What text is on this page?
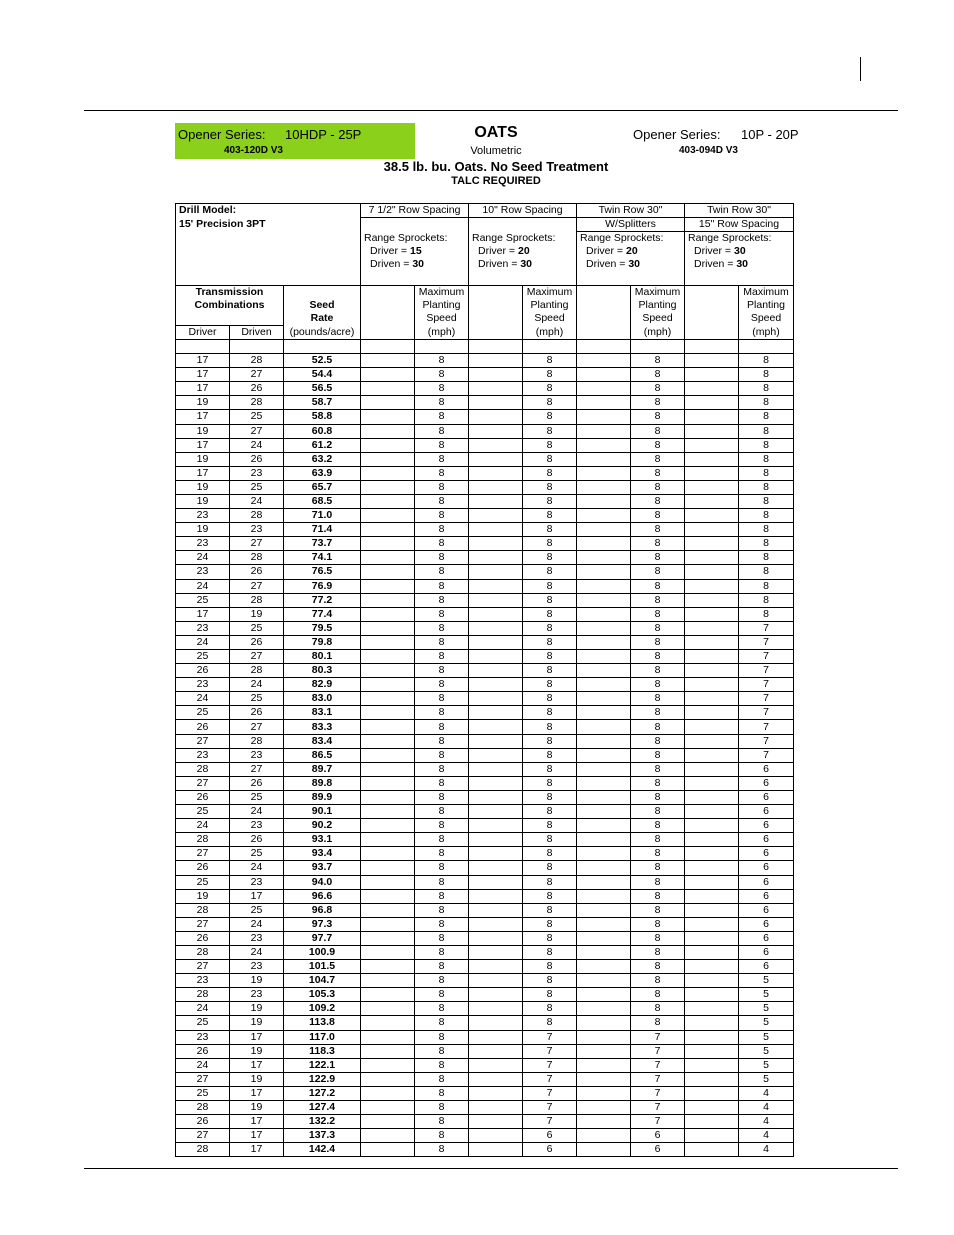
Opener Series: 10HDP - 25P
403-120D V3
OATS
Volumetric
38.5 lb. bu. Oats. No Seed Treatment
TALC REQUIRED
Opener Series: 10P - 20P
403-094D V3
Drill Model:			7 1/2" Row Spacing		10" Row Spacing		Twin Row 30"		Twin Row 30"	
15' Precision 3PT							W/Splitters		15" Row Spacing	
			Range Sprockets:		Range Sprockets:		Range Sprockets:		Range Sprockets:	
			Driver = 15		Driver = 20		Driver = 20		Driver = 30	
			Driven = 30		Driven = 30		Driven = 30		Driven = 30	

Transmission				Maximum		Maximum		Maximum		Maximum
Combinations		Seed		Planting		Planting		Planting		Planting
		Rate		Speed		Speed		Speed		Speed
Driver	Driven	(pounds/acre)		(mph)		(mph)		(mph)		(mph)

17	28	52.5		8		8		8		8
17	27	54.4		8		8		8		8
17	26	56.5		8		8		8		8
19	28	58.7		8		8		8		8
17	25	58.8		8		8		8		8
19	27	60.8		8		8		8		8
17	24	61.2		8		8		8		8
19	26	63.2		8		8		8		8
17	23	63.9		8		8		8		8
19	25	65.7		8		8		8		8
19	24	68.5		8		8		8		8
23	28	71.0		8		8		8		8
19	23	71.4		8		8		8		8
23	27	73.7		8		8		8		8
24	28	74.1		8		8		8		8
23	26	76.5		8		8		8		8
24	27	76.9		8		8		8		8
25	28	77.2		8		8		8		8
17	19	77.4		8		8		8		8
23	25	79.5		8		8		8		7
24	26	79.8		8		8		8		7
25	27	80.1		8		8		8		7
26	28	80.3		8		8		8		7
23	24	82.9		8		8		8		7
24	25	83.0		8		8		8		7
25	26	83.1		8		8		8		7
26	27	83.3		8		8		8		7
27	28	83.4		8		8		8		7
23	23	86.5		8		8		8		7
28	27	89.7		8		8		8		6
27	26	89.8		8		8		8		6
26	25	89.9		8		8		8		6
25	24	90.1		8		8		8		6
24	23	90.2		8		8		8		6
28	26	93.1		8		8		8		6
27	25	93.4		8		8		8		6
26	24	93.7		8		8		8		6
25	23	94.0		8		8		8		6
19	17	96.6		8		8		8		6
28	25	96.8		8		8		8		6
27	24	97.3		8		8		8		6
26	23	97.7		8		8		8		6
28	24	100.9		8		8		8		6
27	23	101.5		8		8		8		6
23	19	104.7		8		8		8		5
28	23	105.3		8		8		8		5
24	19	109.2		8		8		8		5
25	19	113.8		8		8		8		5
23	17	117.0		8		7		7		5
26	19	118.3		8		7		7		5
24	17	122.1		8		7		7		5
27	19	122.9		8		7		7		5
25	17	127.2		8		7		7		4
28	19	127.4		8		7		7		4
26	17	132.2		8		7		7		4
27	17	137.3		8		6		6		4
28	17	142.4		8		6		6		4
